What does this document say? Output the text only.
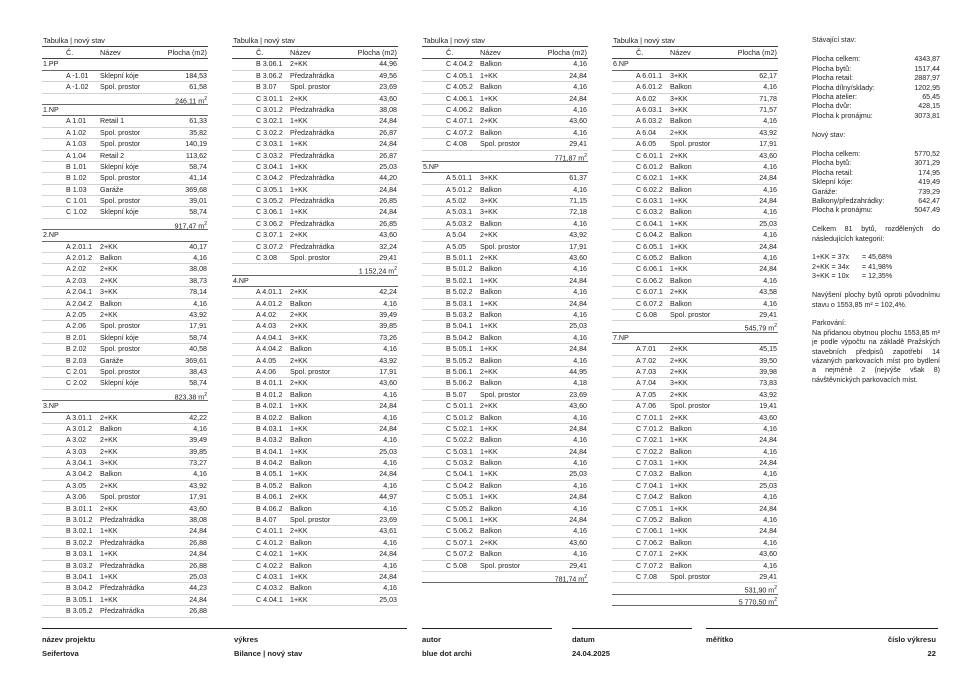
Tabulka | nový stav
Č.	Název	Plocha (m2)
1.PP
A -1.01	Sklepní kóje	184,53
A -1.02	Spol. prostor	61,58
246,11 $m^2$
1.NP
A 1.01	Retail 1	61,33
A 1.02	Spol. prostor	35,82
A 1.03	Spol. prostor	140,19
A 1.04	Retail 2	113,62
B 1.01	Sklepní kóje	58,74
B 1.02	Spol. prostor	41,14
B 1.03	Garáže	369,68
C 1.01	Spol. prostor	39,01
C 1.02	Sklepní kóje	58,74
917,47 $m^2$
2.NP
A 2.01.1	2+KK	40,17
A 2.01.2	Balkon	4,16
A 2.02	2+KK	38,08
A 2.03	2+KK	38,73
A 2.04.1	3+KK	78,14
A 2.04.2	Balkon	4,16
A 2.05	2+KK	43,92
A 2.06	Spol. prostor	17,91
B 2.01	Sklepní kóje	58,74
B 2.02	Spol. prostor	40,58
B 2.03	Garáže	369,61
C 2.01	Spol. prostor	38,43
C 2.02	Sklepní kóje	58,74
823,38 $m^2$
3.NP
A 3.01.1	2+KK	42,22
A 3.01.2	Balkon	4,16
A 3.02	2+KK	39,49
A 3.03	2+KK	39,85
A 3.04.1	3+KK	73,27
A 3.04.2	Balkon	4,16
A 3.05	2+KK	43,92
A 3.06	Spol. prostor	17,91
B 3.01.1	2+KK	43,60
B 3.01.2	Předzahrádka	38,08
B 3.02.1	1+KK	24,84
B 3.02.2	Předzahrádka	26,88
B 3.03.1	1+KK	24,84
B 3.03.2	Předzahrádka	26,88
B 3.04.1	1+KK	25,03
B 3.04.2	Předzahrádka	44,23
B 3.05.1	1+KK	24,84
B 3.05.2	Předzahrádka	26,88
Tabulka | nový stav
Č.	Název	Plocha (m2)
B 3.06.1	2+KK	44,96
B 3.06.2	Předzahrádka	49,56
B 3.07	Spol. prostor	23,69
C 3.01.1	2+KK	43,60
C 3.01.2	Předzahrádka	38,08
C 3.02.1	1+KK	24,84
C 3.02.2	Předzahrádka	26,87
C 3.03.1	1+KK	24,84
C 3.03.2	Předzahrádka	26,87
C 3.04.1	1+KK	25,03
C 3.04.2	Předzahrádka	44,20
C 3.05.1	1+KK	24,84
C 3.05.2	Předzahrádka	26,85
C 3.06.1	1+KK	24,84
C 3.06.2	Předzahrádka	26,85
C 3.07.1	2+KK	43,60
C 3.07.2	Předzahrádka	32,24
C 3.08	Spol. prostor	29,41
1 152,24 $m^2$
4.NP
A 4.01.1	2+KK	42,24
A 4.01.2	Balkon	4,16
A 4.02	2+KK	39,49
A 4.03	2+KK	39,85
A 4.04.1	3+KK	73,26
A 4.04.2	Balkon	4,16
A 4.05	2+KK	43,92
A 4.06	Spol. prostor	17,91
B 4.01.1	2+KK	43,60
B 4.01.2	Balkon	4,16
B 4.02.1	1+KK	24,84
B 4.02.2	Balkon	4,16
B 4.03.1	1+KK	24,84
B 4.03.2	Balkon	4,16
B 4.04.1	1+KK	25,03
B 4.04.2	Balkon	4,16
B 4.05.1	1+KK	24,84
B 4.05.2	Balkon	4,16
B 4.06.1	2+KK	44,97
B 4.06.2	Balkon	4,16
B 4.07	Spol. prostor	23,69
C 4.01.1	2+KK	43,61
C 4.01.2	Balkon	4,16
C 4.02.1	1+KK	24,84
C 4.02.2	Balkon	4,16
C 4.03.1	1+KK	24,84
C 4.03.2	Balkon	4,16
C 4.04.1	1+KK	25,03
Tabulka | nový stav
Č.	Název	Plocha (m2)
C 4.04.2	Balkon	4,16
C 4.05.1	1+KK	24,84
C 4.05.2	Balkon	4,16
C 4.06.1	1+KK	24,84
C 4.06.2	Balkon	4,16
C 4.07.1	2+KK	43,60
C 4.07.2	Balkon	4,16
C 4.08	Spol. prostor	29,41
771,87 $m^2$
5.NP
A 5.01.1	3+KK	61,37
A 5.01.2	Balkon	4,16
A 5.02	3+KK	71,15
A 5.03.1	3+KK	72,18
A 5.03.2	Balkon	4,16
A 5.04	2+KK	43,92
A 5.05	Spol. prostor	17,91
B 5.01.1	2+KK	43,60
B 5.01.2	Balkon	4,16
B 5.02.1	1+KK	24,84
B 5.02.2	Balkon	4,16
B 5.03.1	1+KK	24,84
B 5.03.2	Balkon	4,16
B 5.04.1	1+KK	25,03
B 5.04.2	Balkon	4,16
B 5.05.1	1+KK	24,84
B 5.05.2	Balkon	4,16
B 5.06.1	2+KK	44,95
B 5.06.2	Balkon	4,18
B 5.07	Spol. prostor	23,69
C 5.01.1	2+KK	43,60
C 5.01.2	Balkon	4,16
C 5.02.1	1+KK	24,84
C 5.02.2	Balkon	4,16
C 5.03.1	1+KK	24,84
C 5.03.2	Balkon	4,16
C 5.04.1	1+KK	25,03
C 5.04.2	Balkon	4,16
C 5.05.1	1+KK	24,84
C 5.05.2	Balkon	4,16
C 5.06.1	1+KK	24,84
C 5.06.2	Balkon	4,16
C 5.07.1	2+KK	43,60
C 5.07.2	Balkon	4,16
C 5.08	Spol. prostor	29,41
781,74 $m^2$
Tabulka | nový stav
Č.	Název	Plocha (m2)
6.NP
A 6.01.1	3+KK	62,17
A 6.01.2	Balkon	4,16
A 6.02	3+KK	71,78
A 6.03.1	3+KK	71,57
A 6.03.2	Balkon	4,16
A 6.04	2+KK	43,92
A 6.05	Spol. prostor	17,91
C 6.01.1	2+KK	43,60
C 6.01.2	Balkon	4,16
C 6.02.1	1+KK	24,84
C 6.02.2	Balkon	4,16
C 6.03.1	1+KK	24,84
C 6.03.2	Balkon	4,16
C 6.04.1	1+KK	25,03
C 6.04.2	Balkon	4,16
C 6.05.1	1+KK	24,84
C 6.05.2	Balkon	4,16
C 6.06.1	1+KK	24,84
C 6.06.2	Balkon	4,16
C 6.07.1	2+KK	43,58
C 6.07.2	Balkon	4,16
C 6.08	Spol. prostor	29,41
545,79 $m^2$
7.NP
A 7.01	2+KK	45,15
A 7.02	2+KK	39,50
A 7.03	2+KK	39,98
A 7.04	3+KK	73,83
A 7.05	2+KK	43,92
A 7.06	Spol. prostor	19,41
C 7.01.1	2+KK	43,60
C 7.01.2	Balkon	4,16
C 7.02.1	1+KK	24,84
C 7.02.2	Balkon	4,16
C 7.03.1	1+KK	24,84
C 7.03.2	Balkon	4,16
C 7.04.1	1+KK	25,03
C 7.04.2	Balkon	4,16
C 7.05.1	1+KK	24,84
C 7.05.2	Balkon	4,16
C 7.06.1	1+KK	24,84
C 7.06.2	Balkon	4,16
C 7.07.1	2+KK	43,60
C 7.07.2	Balkon	4,16
C 7.08	Spol. prostor	29,41
531,90 $m^2$
5 770,50 $m^2$
Stávající stav:
Plocha celkem:	4343,87
Plocha bytů:	1517,44
Plocha retail:	2887,97
Plocha dílny/sklady:	1202,95
Plocha atelier:	65,45
Plocha dvůr:	428,15
Plocha k pronájmu:	3073,81
Nový stav:
Plocha celkem:	5770,52
Plocha bytů:	3071,29
Plocha retail:	174,95
Sklepní kóje:	419,49
Garáže:	739,29
Balkony/předzahrádky:	642,47
Plocha k pronájmu:	5047,49
Celkem 81 bytů, rozdělených do následujících kategorií:
1+KK = 37x	= 45,68%
2+KK = 34x	= 41,98%
3+KK = 10x	= 12,35%
Navýšení plochy bytů oproti původnímu stavu o 1553,85 m² = 102,4%.
Parkování:
Na přidanou obytnou plochu 1553,85 m² je podle výpočtu na základě Pražských stavebních předpisů zapotřebí 14 vázaných parkovacích míst pro bydlení a nejméně 2 (nejvýše však 8) návštěvnických parkovacích míst.
název projektu
Seifertova
výkres
Bilance | nový stav
autor
blue dot archi
datum
24.04.2025
měřítko	číslo výkresu
22
